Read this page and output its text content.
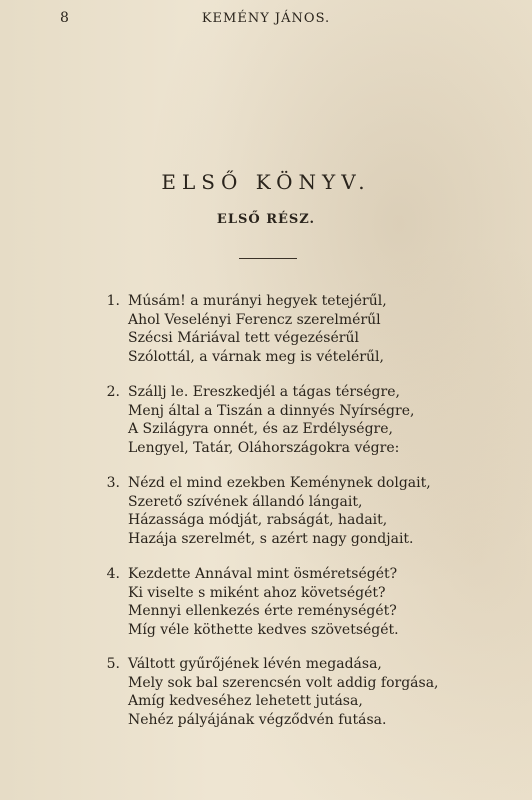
8	KEMÉNY JÁNOS.
ELSŐ KÖNYV.
ELSŐ RÉSZ.
1. Músám! a murányi hegyek tetejérűl,
Ahol Veselényi Ferencz szerelmérűl
Szécsi Máriával tett végezésérűl
Szólottál, a várnak meg is vételérűl,
2. Szállj le. Ereszkedjél a tágas térségre,
Menj által a Tiszán a dinnyés Nyírségre,
A Szilágyra onnét, és az Erdélységre,
Lengyel, Tatár, Oláhországokra végre:
3. Nézd el mind ezekben Keménynek dolgait,
Szerető szívének állandó lángait,
Házassága módját, rabságát, hadait,
Hazája szerelmét, s azért nagy gondjait.
4. Kezdette Annával mint ösméretségét?
Ki viselte s miként ahoz követségét?
Mennyi ellenkezés érte reménységét?
Míg véle köthette kedves szövetségét.
5. Váltott gyűrőjének lévén megadása,
Mely sok bal szerencsén volt addig forgása,
Amíg kedveséhez lehetett jutása,
Nehéz pályájának végződvén futása.
